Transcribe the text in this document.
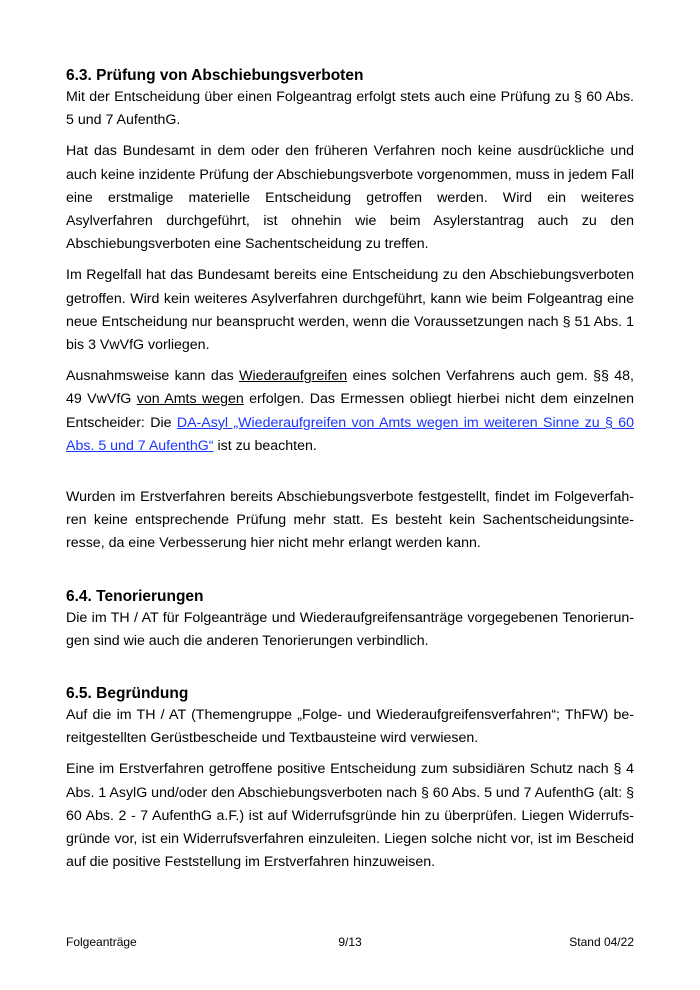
6.3. Prüfung von Abschiebungsverboten

Mit der Entscheidung über einen Folgeantrag erfolgt stets auch eine Prüfung zu § 60 Abs. 5 und 7 AufenthG.

Hat das Bundesamt in dem oder den früheren Verfahren noch keine ausdrückliche und auch keine inzidente Prüfung der Abschiebungsverbote vorgenommen, muss in jedem Fall eine erstmalige materielle Entscheidung getroffen werden. Wird ein weiteres Asylverfahren durchgeführt, ist ohnehin wie beim Asylerstantrag auch zu den Abschiebungsverboten eine Sachentscheidung zu treffen.

Im Regelfall hat das Bundesamt bereits eine Entscheidung zu den Abschiebungsverboten getroffen. Wird kein weiteres Asylverfahren durchgeführt, kann wie beim Folgeantrag eine neue Entscheidung nur beansprucht werden, wenn die Voraussetzungen nach § 51 Abs. 1 bis 3 VwVfG vorliegen.

Ausnahmsweise kann das Wiederaufgreifen eines solchen Verfahrens auch gem. §§ 48, 49 VwVfG von Amts wegen erfolgen. Das Ermessen obliegt hierbei nicht dem einzelnen Entscheider: Die DA-Asyl „Wiederaufgreifen von Amts wegen im weiteren Sinne zu § 60 Abs. 5 und 7 AufenthG“ ist zu beachten.

Wurden im Erstverfahren bereits Abschiebungsverbote festgestellt, findet im Folgeverfahren keine entsprechende Prüfung mehr statt. Es besteht kein Sachentscheidungsinte-resse, da eine Verbesserung hier nicht mehr erlangt werden kann.

6.4. Tenorierungen

Die im TH / AT für Folgeanträge und Wiederaufgreifensanträge vorgegebenen Tenorierungen sind wie auch die anderen Tenorierungen verbindlich.

6.5. Begründung

Auf die im TH / AT (Themengruppe „Folge- und Wiederaufgreifensverfahren“; ThFW) bereitgestellten Gerüstbescheide und Textbausteine wird verwiesen.

Eine im Erstverfahren getroffene positive Entscheidung zum subsidiären Schutz nach § 4 Abs. 1 AsylG und/oder den Abschiebungsverboten nach § 60 Abs. 5 und 7 AufenthG (alt: § 60 Abs. 2 - 7 AufenthG a.F.) ist auf Widerrufsgründe hin zu überprüfen. Liegen Widerrufsgründe vor, ist ein Widerrufsverfahren einzuleiten. Liegen solche nicht vor, ist im Bescheid auf die positive Feststellung im Erstverfahren hinzuweisen.

Folgeanträge	9/13	Stand 04/22
